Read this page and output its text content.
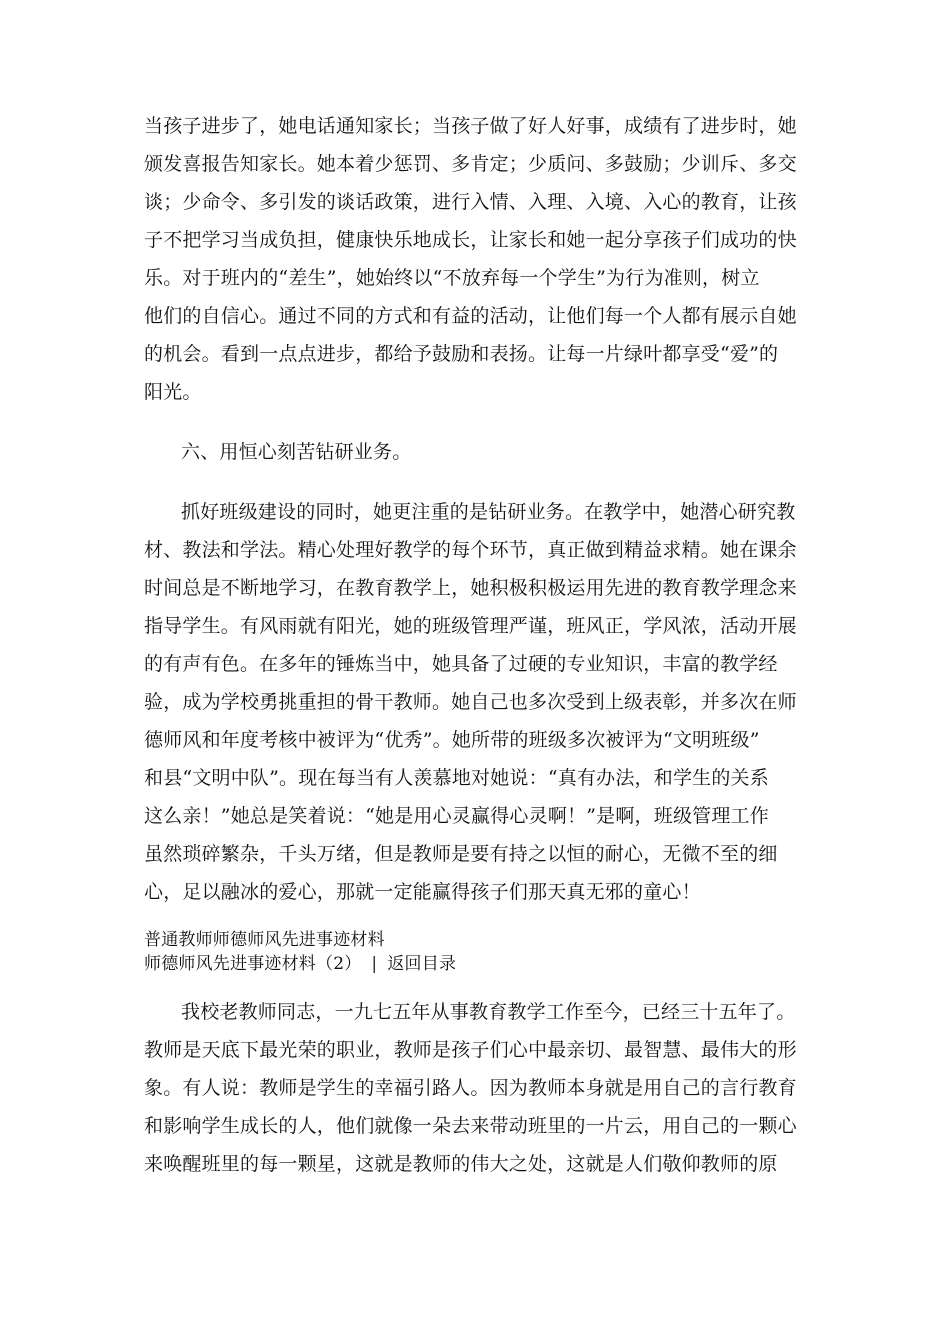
当孩子进步了，她电话通知家长；当孩子做了好人好事，成绩有了进步时，她
颁发喜报告知家长。她本着少惩罚、多肯定；少质问、多鼓励；少训斥、多交
谈；少命令、多引发的谈话政策，进行入情、入理、入境、入心的教育，让孩
子不把学习当成负担，健康快乐地成长，让家长和她一起分享孩子们成功的快
乐。对于班内的“差生”，她始终以“不放弃每一个学生”为行为准则，树立
他们的自信心。通过不同的方式和有益的活动，让他们每一个人都有展示自她
的机会。看到一点点进步，都给予鼓励和表扬。让每一片绿叶都享受“爱”的
阳光。
六、用恒心刻苦钻研业务。
抓好班级建设的同时，她更注重的是钻研业务。在教学中，她潜心研究教
材、教法和学法。精心处理好教学的每个环节，真正做到精益求精。她在课余
时间总是不断地学习，在教育教学上，她积极积极运用先进的教育教学理念来
指导学生。有风雨就有阳光，她的班级管理严谨，班风正，学风浓，活动开展
的有声有色。在多年的锤炼当中，她具备了过硬的专业知识，丰富的教学经
验，成为学校勇挑重担的骨干教师。她自己也多次受到上级表彰，并多次在师
德师风和年度考核中被评为“优秀”。她所带的班级多次被评为“文明班级”
和县“文明中队”。现在每当有人羡慕地对她说：“真有办法，和学生的关系
这么亲！”她总是笑着说：“她是用心灵赢得心灵啊！”是啊，班级管理工作
虽然琐碎繁杂，千头万绪，但是教师是要有持之以恒的耐心，无微不至的细
心，足以融冰的爱心，那就一定能赢得孩子们那天真无邪的童心！
普通教师师德师风先进事迹材料
师德师风先进事迹材料（2） | 返回目录
我校老教师同志，一九七五年从事教育教学工作至今，已经三十五年了。
教师是天底下最光荣的职业，教师是孩子们心中最亲切、最智慧、最伟大的形
象。有人说：教师是学生的幸福引路人。因为教师本身就是用自己的言行教育
和影响学生成长的人，他们就像一朵去来带动班里的一片云，用自己的一颗心
来唤醒班里的每一颗星，这就是教师的伟大之处，这就是人们敬仰教师的原
